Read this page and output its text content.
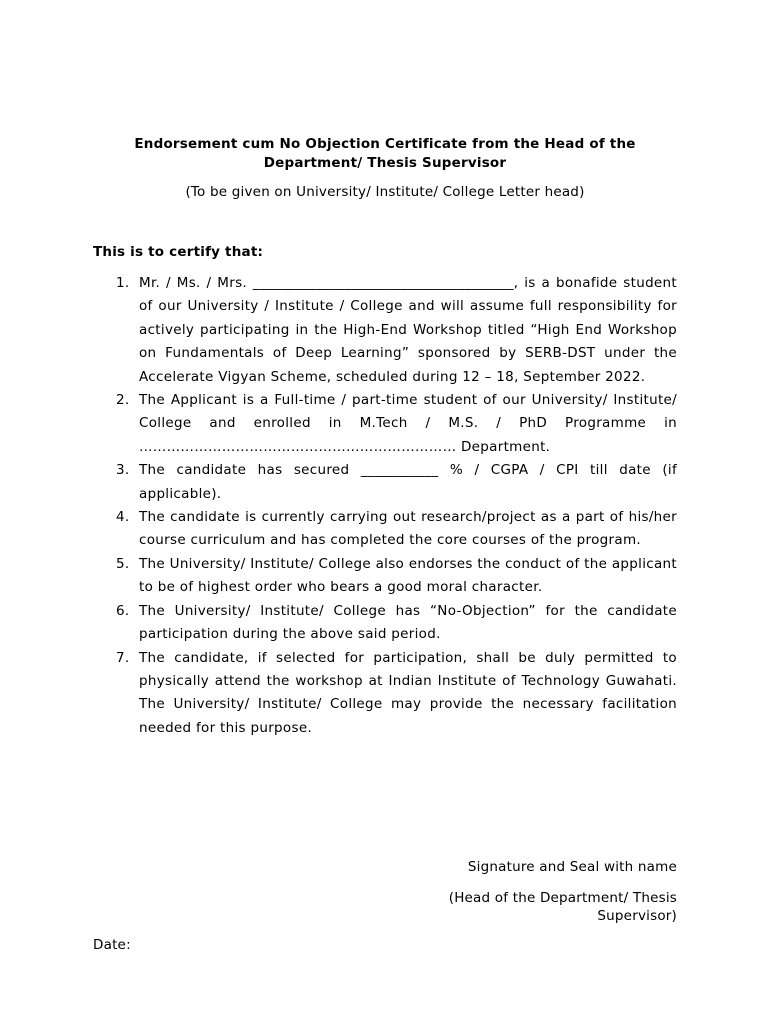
Endorsement cum No Objection Certificate from the Head of the
Department/ Thesis Supervisor
(To be given on University/ Institute/ College Letter head)
This is to certify that:
1. Mr. / Ms. / Mrs. _____________________________________, is a bonafide student of our University / Institute / College and will assume full responsibility for actively participating in the High-End Workshop titled “High End Workshop on Fundamentals of Deep Learning” sponsored by SERB-DST under the Accelerate Vigyan Scheme, scheduled during 12 – 18, September 2022.
2. The Applicant is a Full-time / part-time student of our University/ Institute/ College and enrolled in M.Tech / M.S. / PhD Programme in …………………………………………………………… Department.
3. The candidate has secured ___________ % / CGPA / CPI till date (if applicable).
4. The candidate is currently carrying out research/project as a part of his/her course curriculum and has completed the core courses of the program.
5. The University/ Institute/ College also endorses the conduct of the applicant to be of highest order who bears a good moral character.
6. The University/ Institute/ College has “No-Objection” for the candidate participation during the above said period.
7. The candidate, if selected for participation, shall be duly permitted to physically attend the workshop at Indian Institute of Technology Guwahati. The University/ Institute/ College may provide the necessary facilitation needed for this purpose.
Signature and Seal with name
(Head of the Department/ Thesis Supervisor)
Date:
